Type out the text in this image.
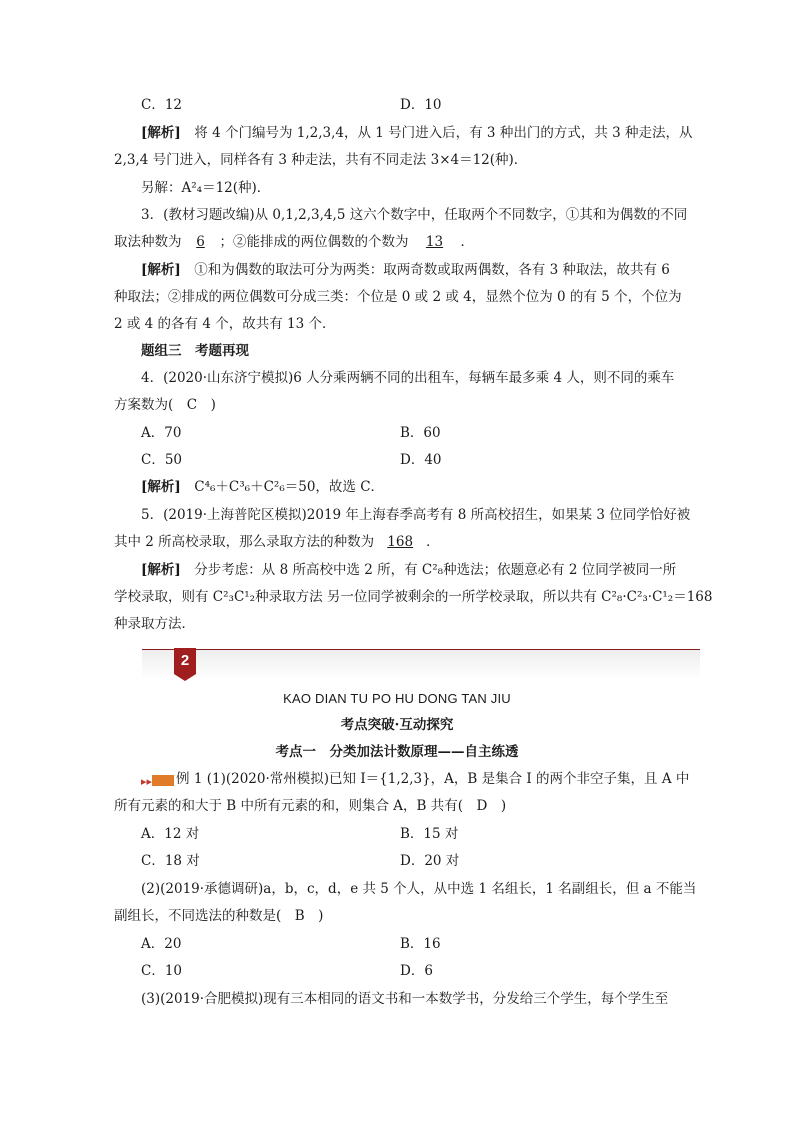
C．12	D．10
[解析]　将 4 个门编号为 1,2,3,4，从 1 号门进入后，有 3 种出门的方式，共 3 种走法，从
2,3,4 号门进入，同样各有 3 种走法，共有不同走法 3×4＝12(种)．
另解：A²₄＝12(种)．
3．(教材习题改编)从 0,1,2,3,4,5 这六个数字中，任取两个不同数字，①其和为偶数的不同
取法种数为 6 ；②能排成的两位偶数的个数为 13 ．
[解析]　①和为偶数的取法可分为两类：取两奇数或取两偶数，各有 3 种取法，故共有 6
种取法；②排成的两位偶数可分成三类：个位是 0 或 2 或 4，显然个位为 0 的有 5 个，个位为
2 或 4 的各有 4 个，故共有 13 个．
题组三　考题再现
4．(2020·山东济宁模拟)6 人分乘两辆不同的出租车，每辆车最多乘 4 人，则不同的乘车
方案数为(　C　)
A．70	B．60
C．50	D．40
[解析]　C⁴₆＋C³₆＋C²₆＝50，故选 C．
5．(2019·上海普陀区模拟)2019 年上海春季高考有 8 所高校招生，如果某 3 位同学恰好被
其中 2 所高校录取，那么录取方法的种数为 168 ．
[解析]　分步考虑：从 8 所高校中选 2 所，有 C²₈种选法；依题意必有 2 位同学被同一所
学校录取，则有 C²₃C¹₂种录取方法 另一位同学被剩余的一所学校录取，所以共有 C²₈·C²₃·C¹₂＝168
种录取方法．
2
KAO DIAN TU PO HU DONG TAN JIU
考点突破·互动探究
考点一　分类加法计数原理——自主练透
▸▸ 例 1 (1)(2020·常州模拟)已知 I＝{1,2,3}，A，B 是集合 I 的两个非空子集，且 A 中
所有元素的和大于 B 中所有元素的和，则集合 A，B 共有(　D　)
A．12 对	B．15 对
C．18 对	D．20 对
(2)(2019·承德调研)a，b，c，d，e 共 5 个人，从中选 1 名组长，1 名副组长，但 a 不能当
副组长，不同选法的种数是(　B　)
A．20	B．16
C．10	D．6
(3)(2019·合肥模拟)现有三本相同的语文书和一本数学书，分发给三个学生，每个学生至
